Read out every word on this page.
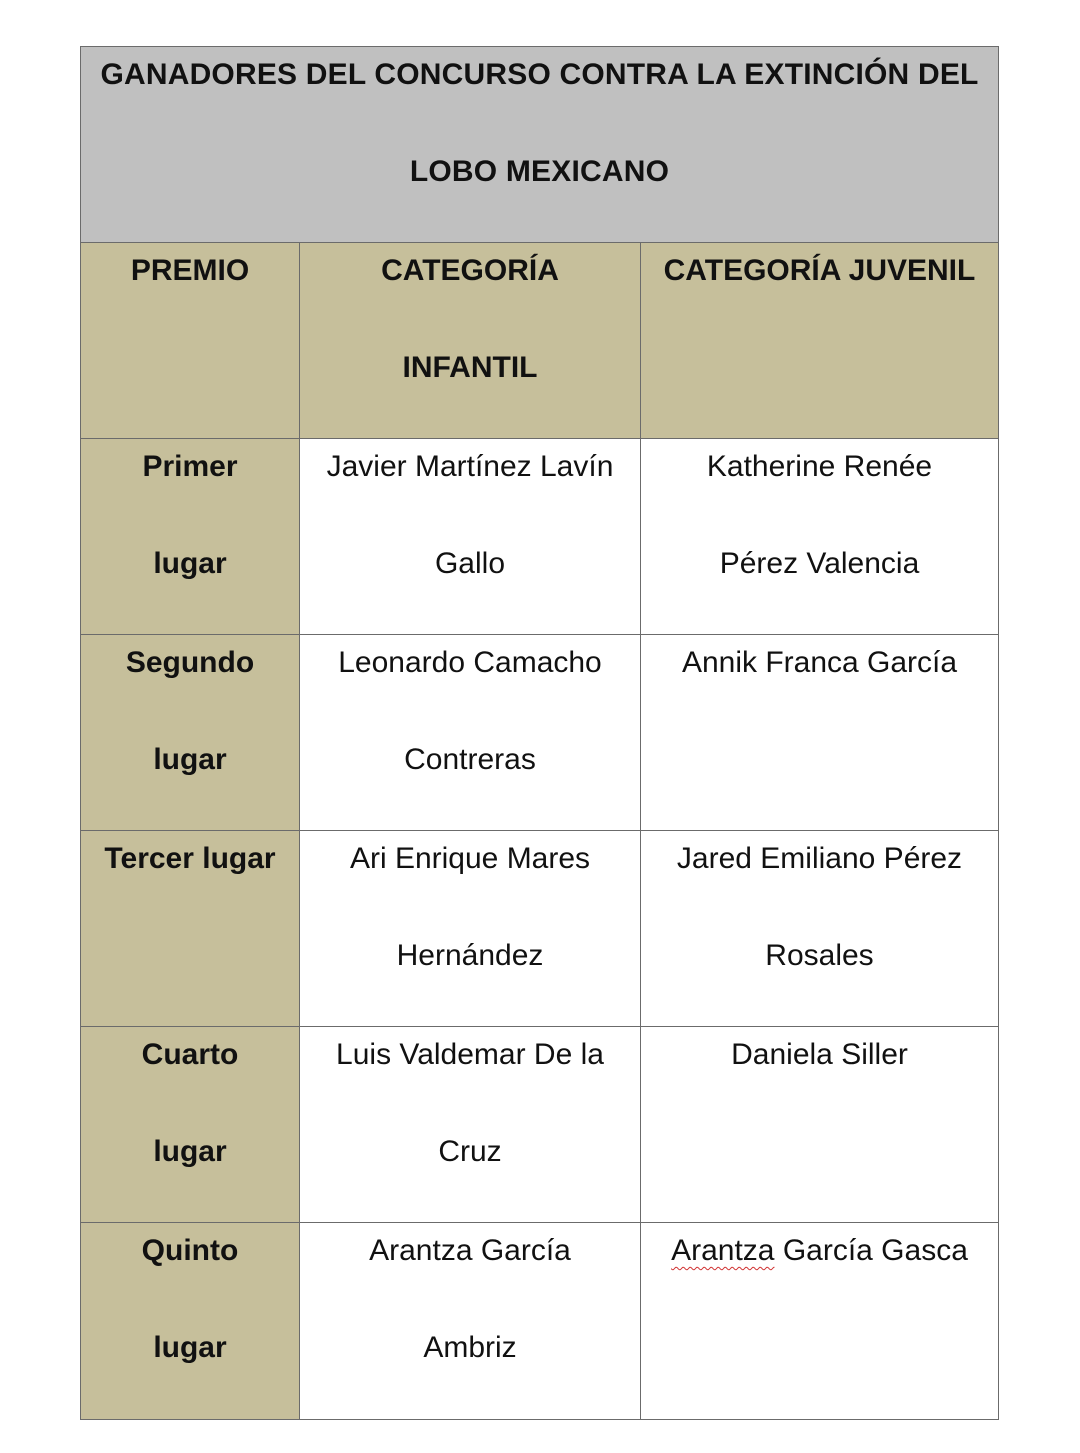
GANADORES DEL CONCURSO CONTRA LA EXTINCIÓN DEL
LOBO MEXICANO
PREMIO	CATEGORÍA
INFANTIL
CATEGORÍA JUVENIL
Primer
lugar
Javier Martínez Lavín
Gallo
Katherine Renée
Pérez Valencia
Segundo
lugar
Leonardo Camacho
Contreras
Annik Franca García
Tercer lugar	Ari Enrique Mares
Hernández
Jared Emiliano Pérez
Rosales
Cuarto
lugar
Luis Valdemar De la
Cruz
Daniela Siller
Quinto
lugar
Arantza García
Ambriz
Arantza García Gasca
